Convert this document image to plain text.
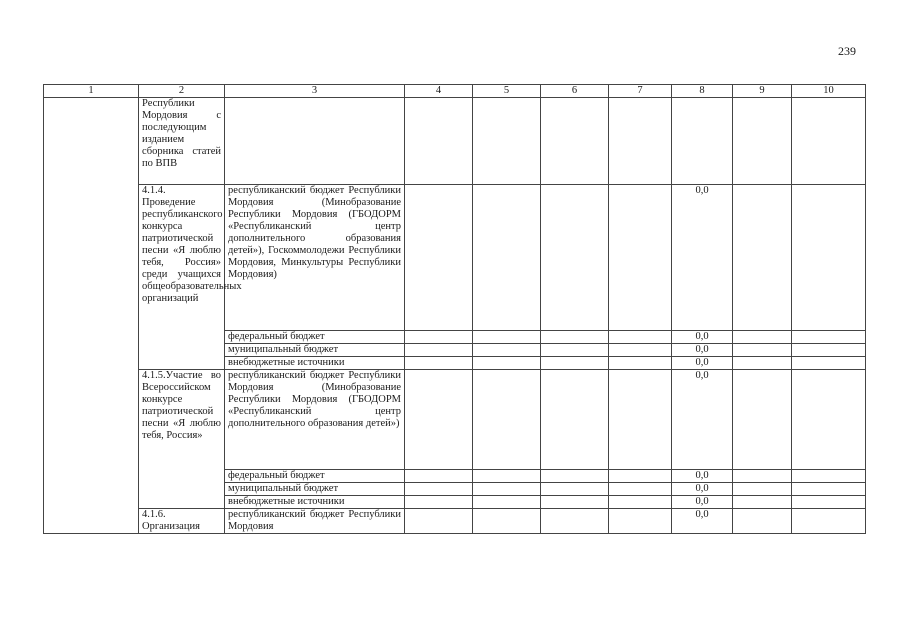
239
1	2	3	4	5	6	7	8	9	10
	Республики Мордовия с последующим изданием сборника статей по ВПВ								
	4.1.4. Проведение республиканского конкурса патриотической песни «Я люблю тебя, Россия» среди учащихся общеобразовательных организаций	республиканский бюджет Республики Мордовия (Минобразование Республики Мордовия (ГБОДОРМ «Республиканский центр дополнительного образования детей»), Госкоммолодежи Республики Мордовия, Минкультуры Республики Мордовия)					0,0		
		федеральный бюджет					0,0		
		муниципальный бюджет					0,0		
		внебюджетные источники					0,0		
	4.1.5.Участие во Всероссийском конкурсе патриотической песни «Я люблю тебя, Россия»	республиканский бюджет Республики Мордовия (Минобразование Республики Мордовия (ГБОДОРМ «Республиканский центр дополнительного образования детей»)					0,0		
		федеральный бюджет					0,0		
		муниципальный бюджет					0,0		
		внебюджетные источники					0,0		
	4.1.6. Организация	республиканский бюджет Республики Мордовия					0,0		
